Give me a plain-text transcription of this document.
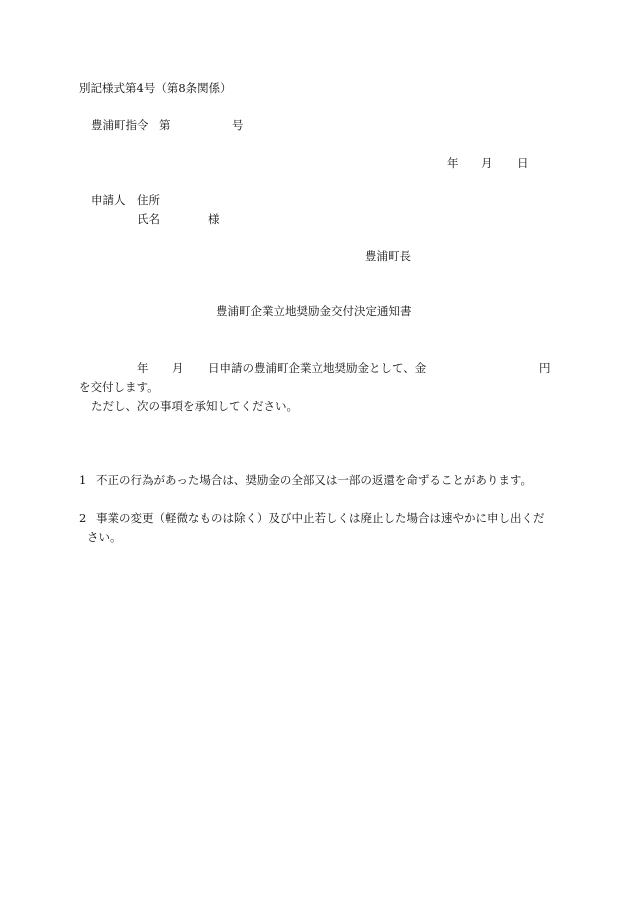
別記様式第4号（第8条関係）
豊浦町指令 第	号
年 月 日
申請人 住所
氏名	様
豊浦町長
豊浦町企業立地奨励金交付決定通知書
年 月 日申請の豊浦町企業立地奨励金として、金	円
を交付します。
ただし、次の事項を承知してください。
1 不正の行為があった場合は、奨励金の全部又は一部の返還を命ずることがあります。
2 事業の変更（軽微なものは除く）及び中止若しくは廃止した場合は速やかに申し出くだ
さい。
